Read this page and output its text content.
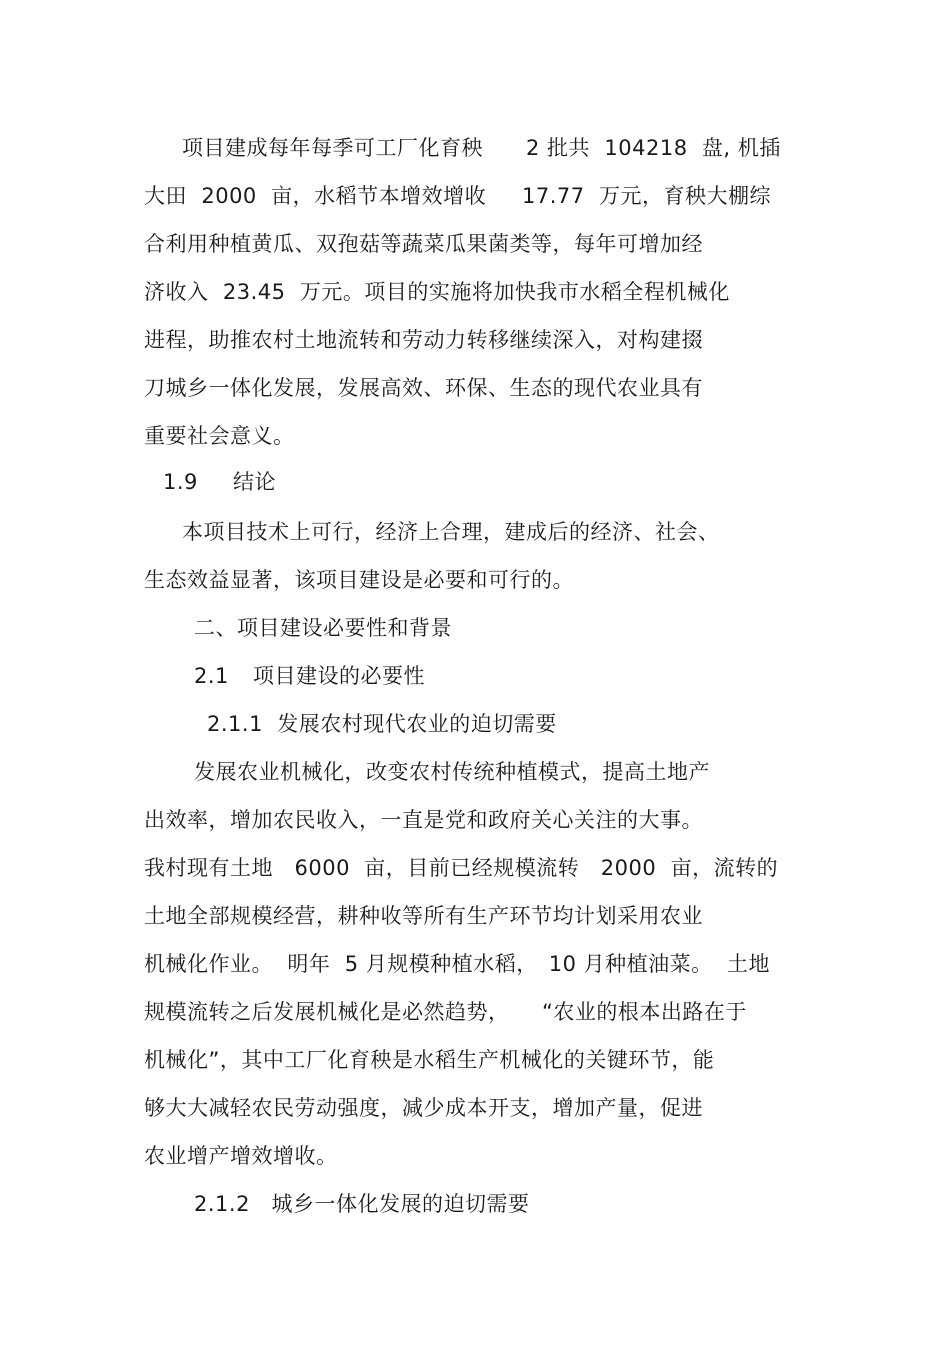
项目建成每年每季可工厂化育秧　　2 批共  104218  盘, 机插
大田  2000  亩，水稻节本增效增收　  17.77  万元，育秧大棚综
合利用种植黄瓜、双孢菇等蔬菜瓜果菌类等，每年可增加经
济收入  23.45  万元。项目的实施将加快我市水稻全程机械化
进程，助推农村土地流转和劳动力转移继续深入，对构建掇
刀城乡一体化发展，发展高效、环保、生态的现代农业具有
重要社会意义。
1.9 结论
本项目技术上可行，经济上合理，建成后的经济、社会、
生态效益显著，该项目建设是必要和可行的。
二、项目建设必要性和背景
2.1 项目建设的必要性
2.1.1  发展农村现代农业的迫切需要
发展农业机械化，改变农村传统种植模式，提高土地产
出效率，增加农民收入，一直是党和政府关心关注的大事。
我村现有土地　6000  亩，目前已经规模流转　2000  亩，流转的
土地全部规模经营，耕种收等所有生产环节均计划采用农业
机械化作业。  明年  5 月规模种植水稻，　10 月种植油菜。  土地
规模流转之后发展机械化是必然趋势，　　“农业的根本出路在于
机械化”，其中工厂化育秧是水稻生产机械化的关键环节，能
够大大减轻农民劳动强度，减少成本开支，增加产量，促进
农业增产增效增收。
2.1.2   城乡一体化发展的迫切需要
